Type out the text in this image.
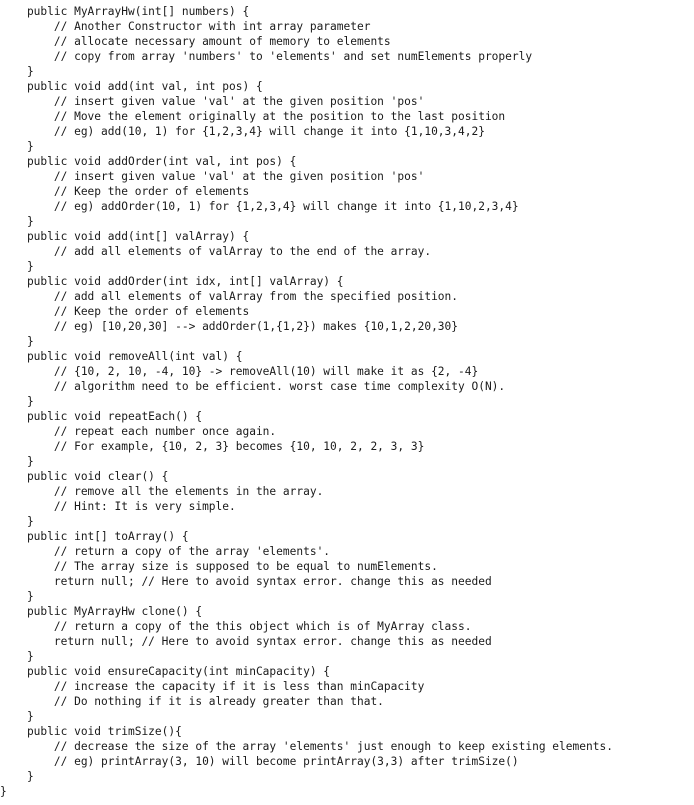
public MyArrayHw(int[] numbers) {
// Another Constructor with int array parameter
// allocate necessary amount of memory to elements
// copy from array 'numbers' to 'elements' and set numElements properly
}
public void add(int val, int pos) {
// insert given value 'val' at the given position 'pos'
// Move the element originally at the position to the last position
// eg) add(10, 1) for {1,2,3,4} will change it into {1,10,3,4,2}
}
public void addOrder(int val, int pos) {
// insert given value 'val' at the given position 'pos'
// Keep the order of elements
// eg) addOrder(10, 1) for {1,2,3,4} will change it into {1,10,2,3,4}
}
public void add(int[] valArray) {
// add all elements of valArray to the end of the array.
}
public void addOrder(int idx, int[] valArray) {
// add all elements of valArray from the specified position.
// Keep the order of elements
// eg) [10,20,30] --> addOrder(1,{1,2}) makes {10,1,2,20,30}
}
public void removeAll(int val) {
// {10, 2, 10, -4, 10} -> removeAll(10) will make it as {2, -4}
// algorithm need to be efficient. worst case time complexity O(N).
}
public void repeatEach() {
// repeat each number once again.
// For example, {10, 2, 3} becomes {10, 10, 2, 2, 3, 3}
}
public void clear() {
// remove all the elements in the array.
// Hint: It is very simple.
}
public int[] toArray() {
// return a copy of the array 'elements'.
// The array size is supposed to be equal to numElements.
return null; // Here to avoid syntax error. change this as needed
}
public MyArrayHw clone() {
// return a copy of the this object which is of MyArray class.
return null; // Here to avoid syntax error. change this as needed
}
public void ensureCapacity(int minCapacity) {
// increase the capacity if it is less than minCapacity
// Do nothing if it is already greater than that.
}
public void trimSize(){
// decrease the size of the array 'elements' just enough to keep existing elements.
// eg) printArray(3, 10) will become printArray(3,3) after trimSize()
}
}
